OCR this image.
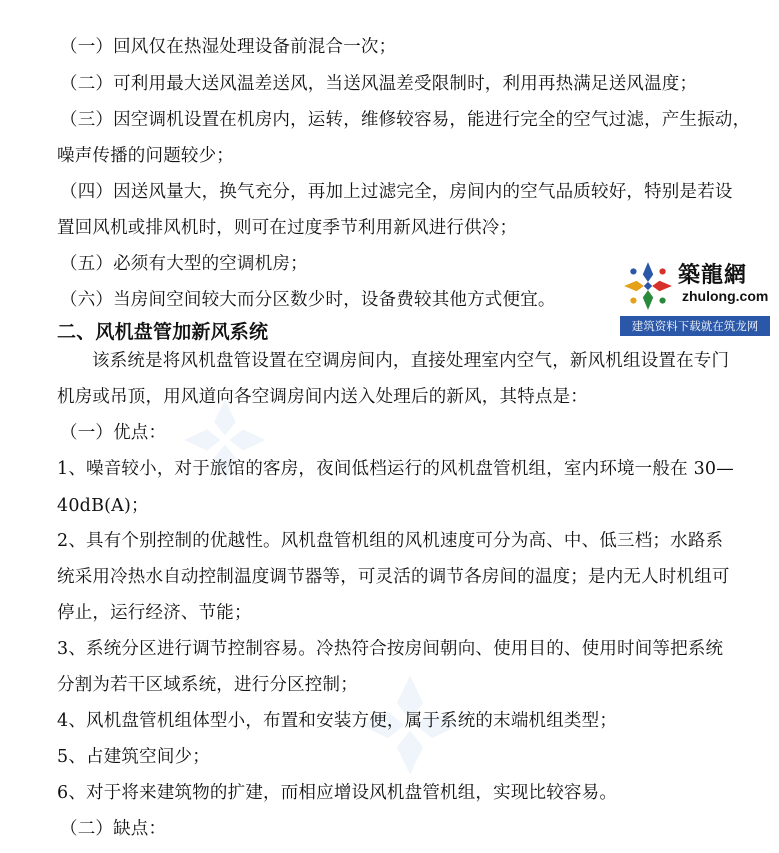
（一）回风仅在热湿处理设备前混合一次；
（二）可利用最大送风温差送风，当送风温差受限制时，利用再热满足送风温度；
（三）因空调机设置在机房内，运转，维修较容易，能进行完全的空气过滤，产生振动，
噪声传播的问题较少；
（四）因送风量大，换气充分，再加上过滤完全，房间内的空气品质较好，特别是若设
置回风机或排风机时，则可在过度季节利用新风进行供冷；
（五）必须有大型的空调机房；
（六）当房间空间较大而分区数少时，设备费较其他方式便宜。
二、风机盘管加新风系统
该系统是将风机盘管设置在空调房间内，直接处理室内空气，新风机组设置在专门
机房或吊顶，用风道向各空调房间内送入处理后的新风，其特点是：
（一）优点：
1、噪音较小，对于旅馆的客房，夜间低档运行的风机盘管机组，室内环境一般在 30—
40dB(A)；
2、具有个别控制的优越性。风机盘管机组的风机速度可分为高、中、低三档；水路系
统采用冷热水自动控制温度调节器等，可灵活的调节各房间的温度；是内无人时机组可
停止，运行经济、节能；
3、系统分区进行调节控制容易。冷热符合按房间朝向、使用目的、使用时间等把系统
分割为若干区域系统，进行分区控制；
4、风机盘管机组体型小，布置和安装方便，属于系统的末端机组类型；
5、占建筑空间少；
6、对于将来建筑物的扩建，而相应增设风机盘管机组，实现比较容易。
（二）缺点：
築龍網
zhulong.com
建筑资料下载就在筑龙网
